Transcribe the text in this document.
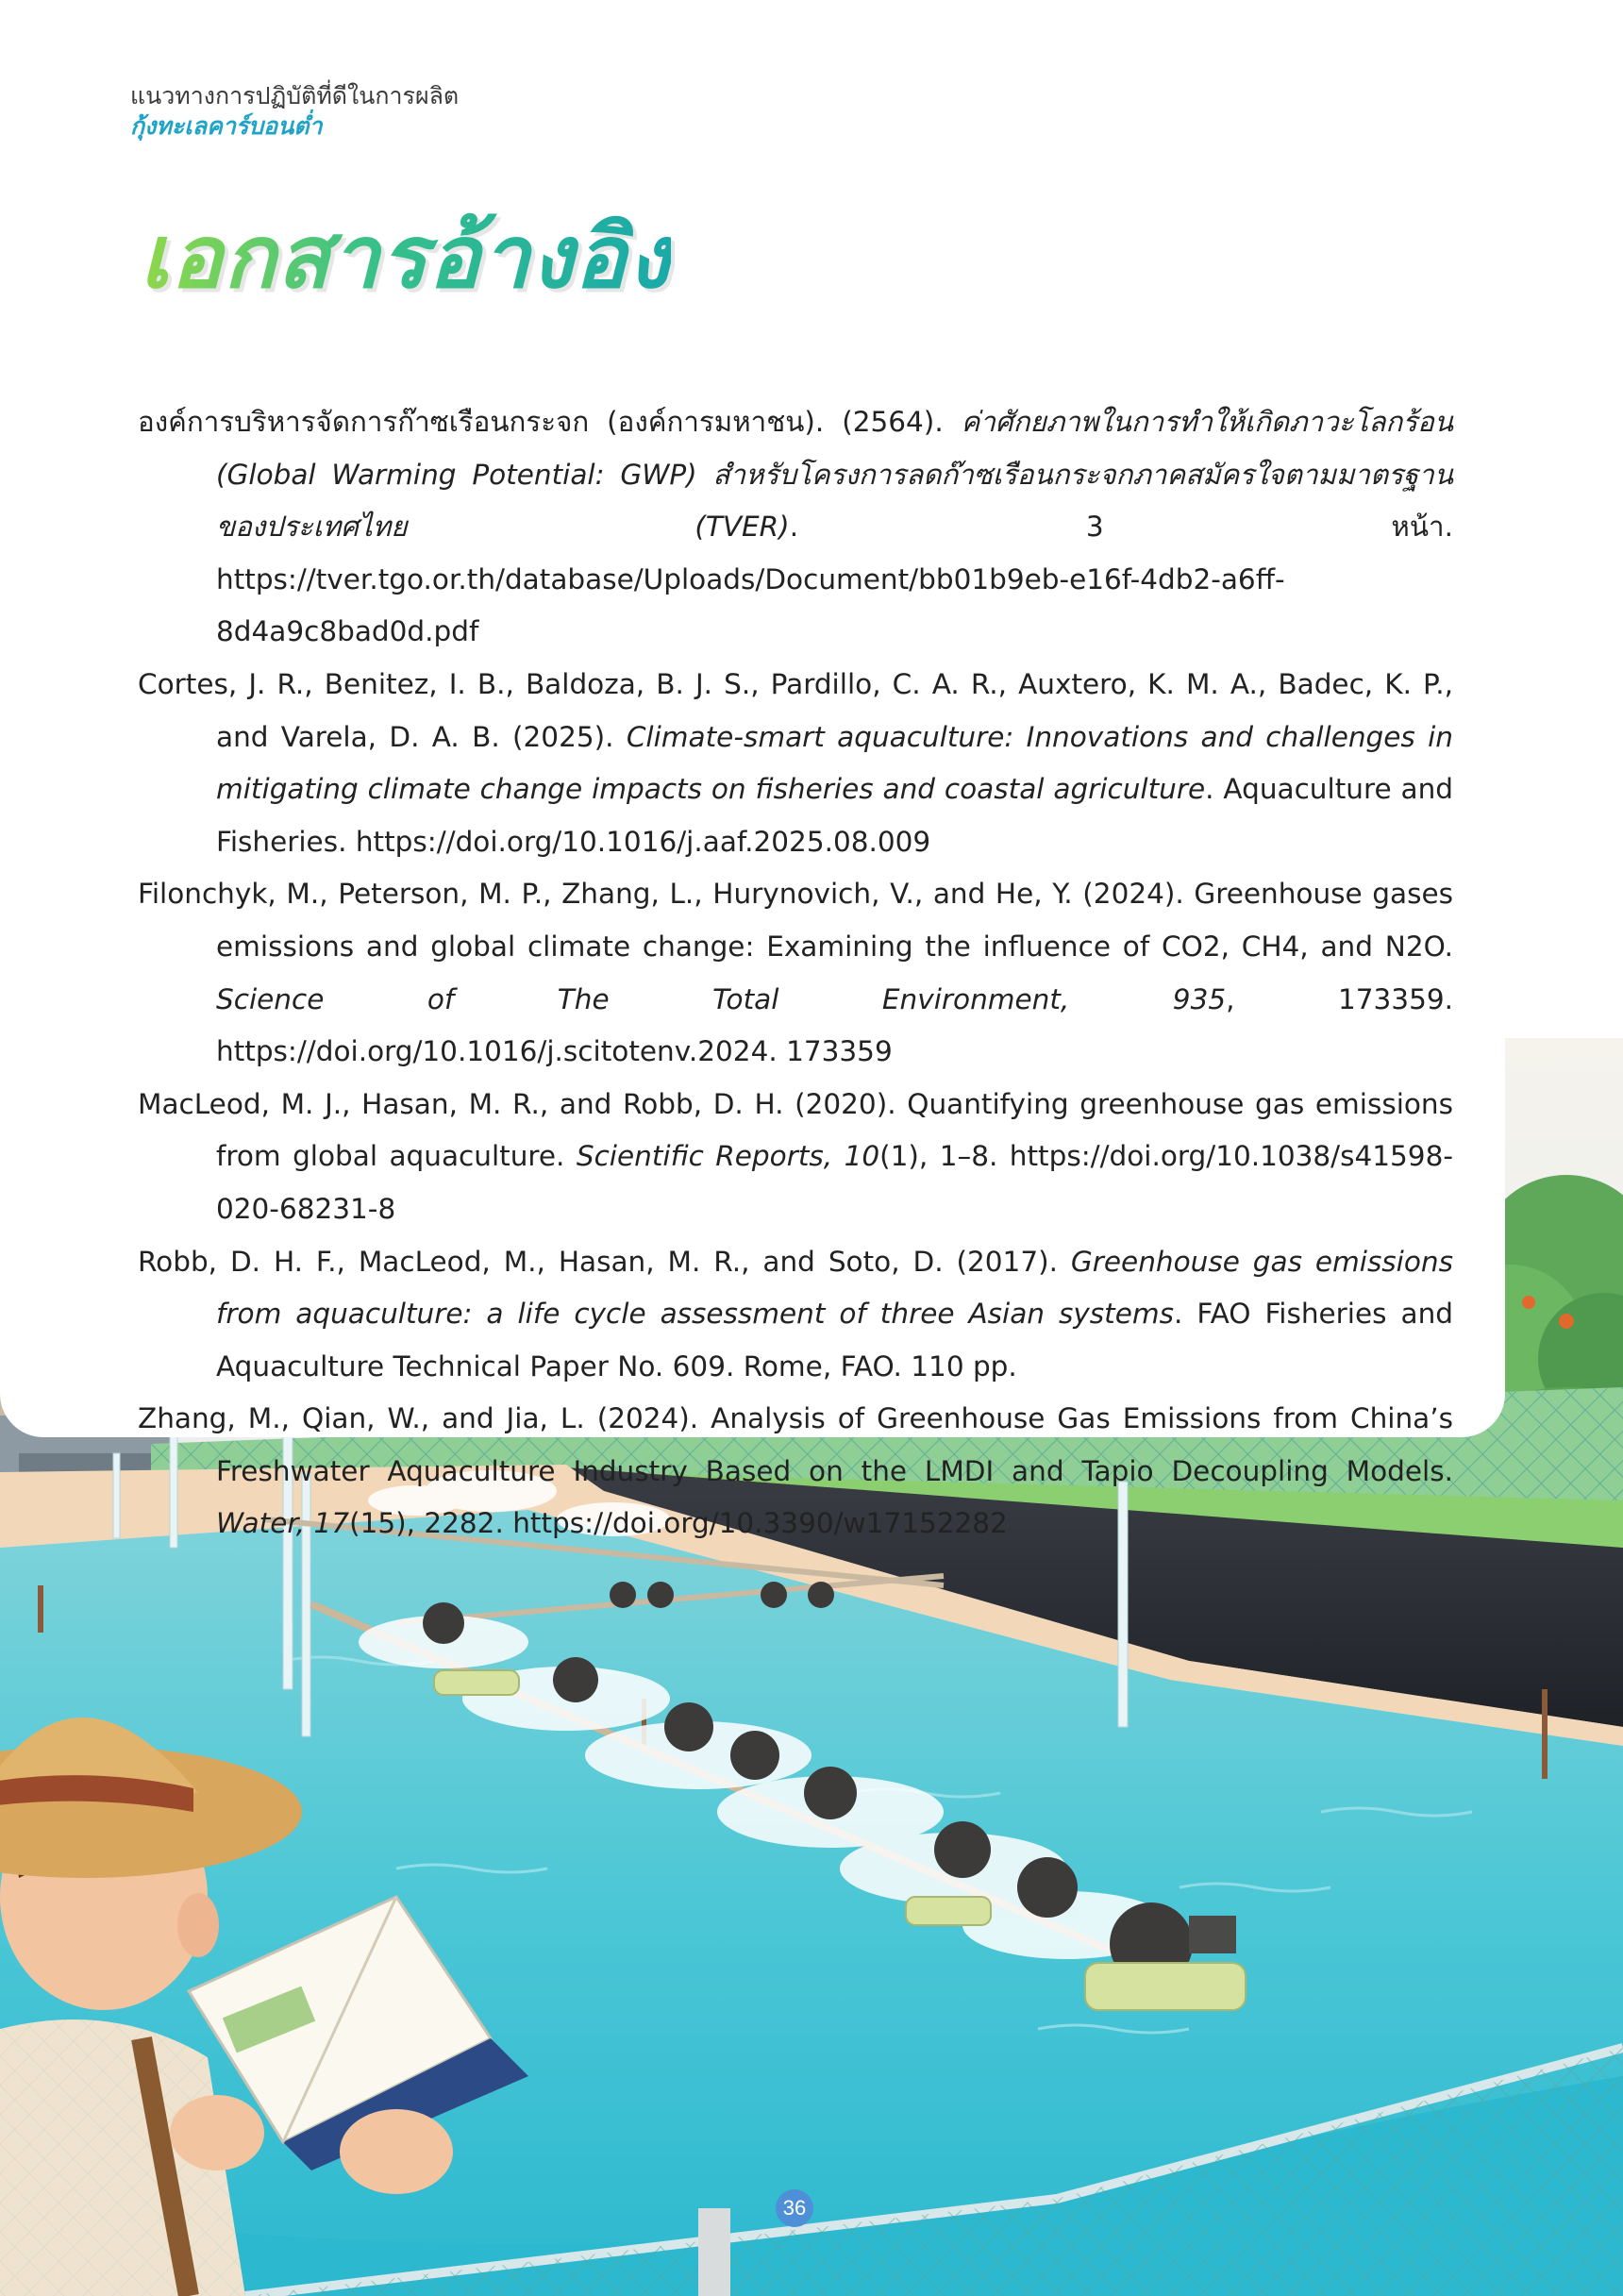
แนวทางการปฏิบัติที่ดีในการผลิต
กุ้งทะเลคาร์บอนต่ำ
เอกสารอ้างอิง

องค์การบริหารจัดการก๊าซเรือนกระจก (องค์การมหาชน). (2564). ค่าศักยภาพในการทำให้เกิดภาวะโลกร้อน (Global Warming Potential: GWP) สำหรับโครงการลดก๊าซเรือนกระจกภาคสมัครใจตามมาตรฐานของประเทศไทย (TVER). 3 หน้า. https://tver.tgo.or.th/database/Uploads/Document/bb01b9eb-e16f-4db2-a6ff-8d4a9c8bad0d.pdf

Cortes, J. R., Benitez, I. B., Baldoza, B. J. S., Pardillo, C. A. R., Auxtero, K. M. A., Badec, K. P., and Varela, D. A. B. (2025). Climate-smart aquaculture: Innovations and challenges in mitigating climate change impacts on fisheries and coastal agriculture. Aquaculture and Fisheries. https://doi.org/10.1016/j.aaf.2025.08.009

Filonchyk, M., Peterson, M. P., Zhang, L., Hurynovich, V., and He, Y. (2024). Greenhouse gases emissions and global climate change: Examining the influence of CO2, CH4, and N2O. Science of The Total Environment, 935, 173359. https://doi.org/10.1016/j.scitotenv.2024. 173359

MacLeod, M. J., Hasan, M. R., and Robb, D. H. (2020). Quantifying greenhouse gas emissions from global aquaculture. Scientific Reports, 10(1), 1–8. https://doi.org/10.1038/s41598-020-68231-8

Robb, D. H. F., MacLeod, M., Hasan, M. R., and Soto, D. (2017). Greenhouse gas emissions from aquaculture: a life cycle assessment of three Asian systems. FAO Fisheries and Aquaculture Technical Paper No. 609. Rome, FAO. 110 pp.

Zhang, M., Qian, W., and Jia, L. (2024). Analysis of Greenhouse Gas Emissions from China’s Freshwater Aquaculture Industry Based on the LMDI and Tapio Decoupling Models. Water, 17(15), 2282. https://doi.org/10.3390/w17152282

36
